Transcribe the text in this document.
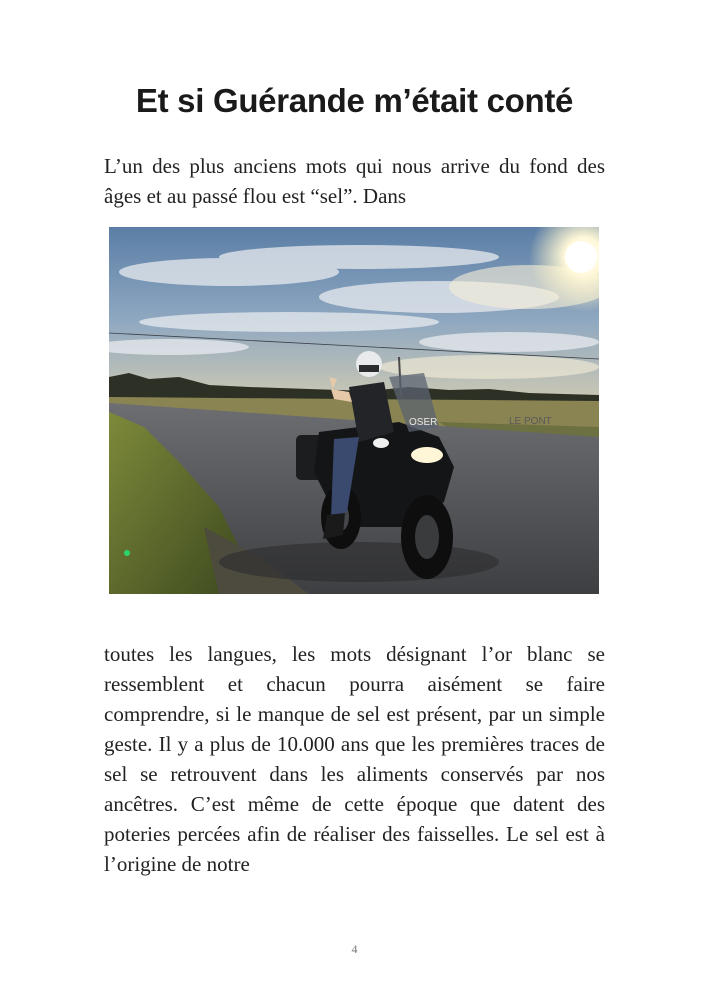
Et si Guérande m’était conté

L’un des plus anciens mots qui nous arrive du fond des âges et au passé flou est “sel”. Dans

OSER	LE PONT

toutes les langues, les mots désignant l’or blanc se ressemblent et chacun pourra aisément se faire comprendre, si le manque de sel est présent, par un simple geste. Il y a plus de 10.000 ans que les premières traces de sel se retrouvent dans les aliments conservés par nos ancêtres. C’est même de cette époque que datent des poteries percées afin de réaliser des faisselles. Le sel est à l’origine de notre

4
